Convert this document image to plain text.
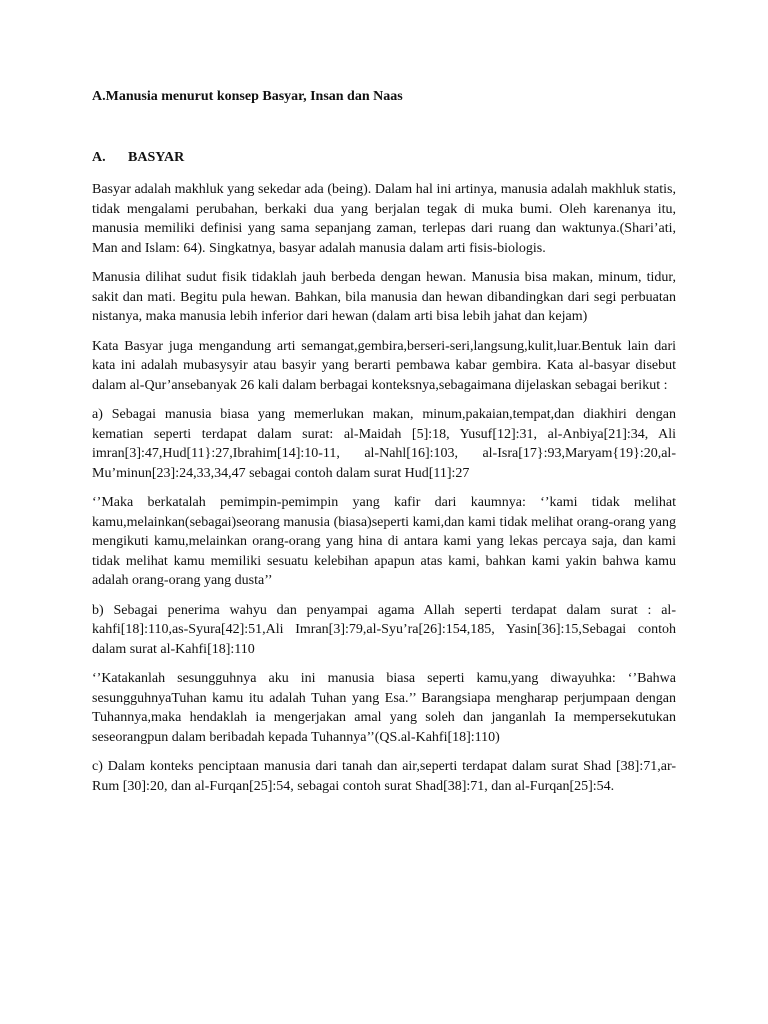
A.Manusia menurut konsep Basyar, Insan dan Naas
A. BASYAR

Basyar adalah makhluk yang sekedar ada (being). Dalam hal ini artinya, manusia adalah makhluk statis, tidak mengalami perubahan, berkaki dua yang berjalan tegak di muka bumi. Oleh karenanya itu, manusia memiliki definisi yang sama sepanjang zaman, terlepas dari ruang dan waktunya.(Shari’ati, Man and Islam: 64). Singkatnya, basyar adalah manusia dalam arti fisis-biologis.

Manusia dilihat sudut fisik tidaklah jauh berbeda dengan hewan. Manusia bisa makan, minum, tidur, sakit dan mati. Begitu pula hewan. Bahkan, bila manusia dan hewan dibandingkan dari segi perbuatan nistanya, maka manusia lebih inferior dari hewan (dalam arti bisa lebih jahat dan kejam)

Kata Basyar juga mengandung arti semangat,gembira,berseri-seri,langsung,kulit,luar.Bentuk lain dari kata ini adalah mubasysyir atau basyir yang berarti pembawa kabar gembira. Kata al-basyar disebut dalam al-Qur’ansebanyak 26 kali dalam berbagai konteksnya,sebagaimana dijelaskan sebagai berikut :

a) Sebagai manusia biasa yang memerlukan makan, minum,pakaian,tempat,dan diakhiri dengan kematian seperti terdapat dalam surat: al-Maidah [5]:18, Yusuf[12]:31, al-Anbiya[21]:34, Ali imran[3]:47,Hud[11}:27,Ibrahim[14]:10-11, al-Nahl[16]:103, al-Isra[17}:93,Maryam{19}:20,al-Mu’minun[23]:24,33,34,47 sebagai contoh dalam surat Hud[11]:27

‘’Maka berkatalah pemimpin-pemimpin yang kafir dari kaumnya: ‘’kami tidak melihat kamu,melainkan(sebagai)seorang manusia (biasa)seperti kami,dan kami tidak melihat orang-orang yang mengikuti kamu,melainkan orang-orang yang hina di antara kami yang lekas percaya saja, dan kami tidak melihat kamu memiliki sesuatu kelebihan apapun atas kami, bahkan kami yakin bahwa kamu adalah orang-orang yang dusta’’

b) Sebagai penerima wahyu dan penyampai agama Allah seperti terdapat dalam surat : al-kahfi[18]:110,as-Syura[42]:51,Ali Imran[3]:79,al-Syu’ra[26]:154,185, Yasin[36]:15,Sebagai contoh dalam surat al-Kahfi[18]:110

‘’Katakanlah sesungguhnya aku ini manusia biasa seperti kamu,yang diwayuhka: ‘’Bahwa sesungguhnyaTuhan kamu itu adalah Tuhan yang Esa.’’ Barangsiapa mengharap perjumpaan dengan Tuhannya,maka hendaklah ia mengerjakan amal yang soleh dan janganlah Ia mempersekutukan seseorangpun dalam beribadah kepada Tuhannya’’(QS.al-Kahfi[18]:110)

c) Dalam konteks penciptaan manusia dari tanah dan air,seperti terdapat dalam surat Shad [38]:71,ar-Rum [30]:20, dan al-Furqan[25]:54, sebagai contoh surat Shad[38]:71, dan al-Furqan[25]:54.
